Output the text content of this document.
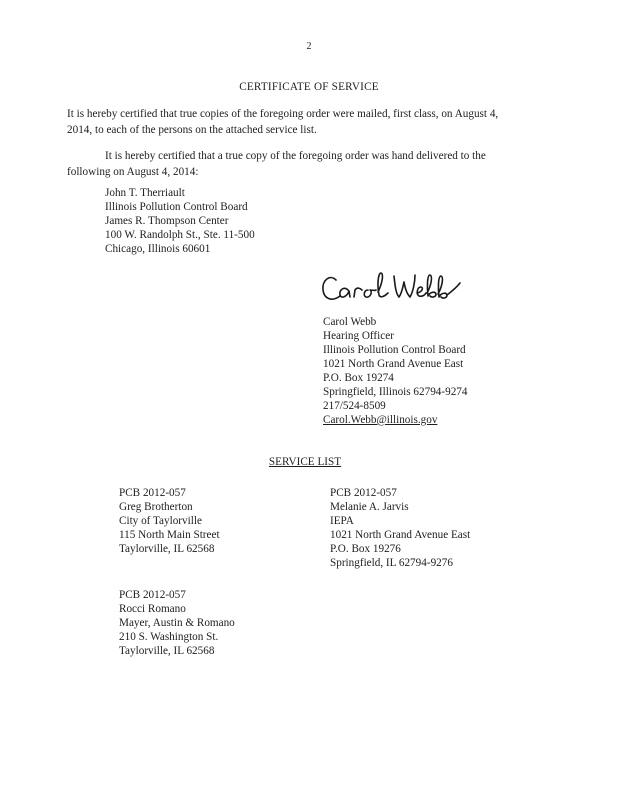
2
CERTIFICATE OF SERVICE

It is hereby certified that true copies of the foregoing order were mailed, first class, on August 4,

2014, to each of the persons on the attached service list.

It is hereby certified that a true copy of the foregoing order was hand delivered to the

following on August 4, 2014:

John T. Therriault
Illinois Pollution Control Board
James R. Thompson Center
100 W. Randolph St., Ste. 11-500
Chicago, Illinois 60601
Carol Webb
Hearing Officer
Illinois Pollution Control Board
1021 North Grand Avenue East
P.O. Box 19274
Springfield, Illinois 62794-9274
217/524-8509
Carol.Webb@illinois.gov
SERVICE LIST
PCB 2012-057
Greg Brotherton
City of Taylorville
115 North Main Street
Taylorville, IL 62568
PCB 2012-057
Melanie A. Jarvis
IEPA
1021 North Grand Avenue East
P.O. Box 19276
Springfield, IL 62794-9276
PCB 2012-057
Rocci Romano
Mayer, Austin & Romano
210 S. Washington St.
Taylorville, IL 62568
